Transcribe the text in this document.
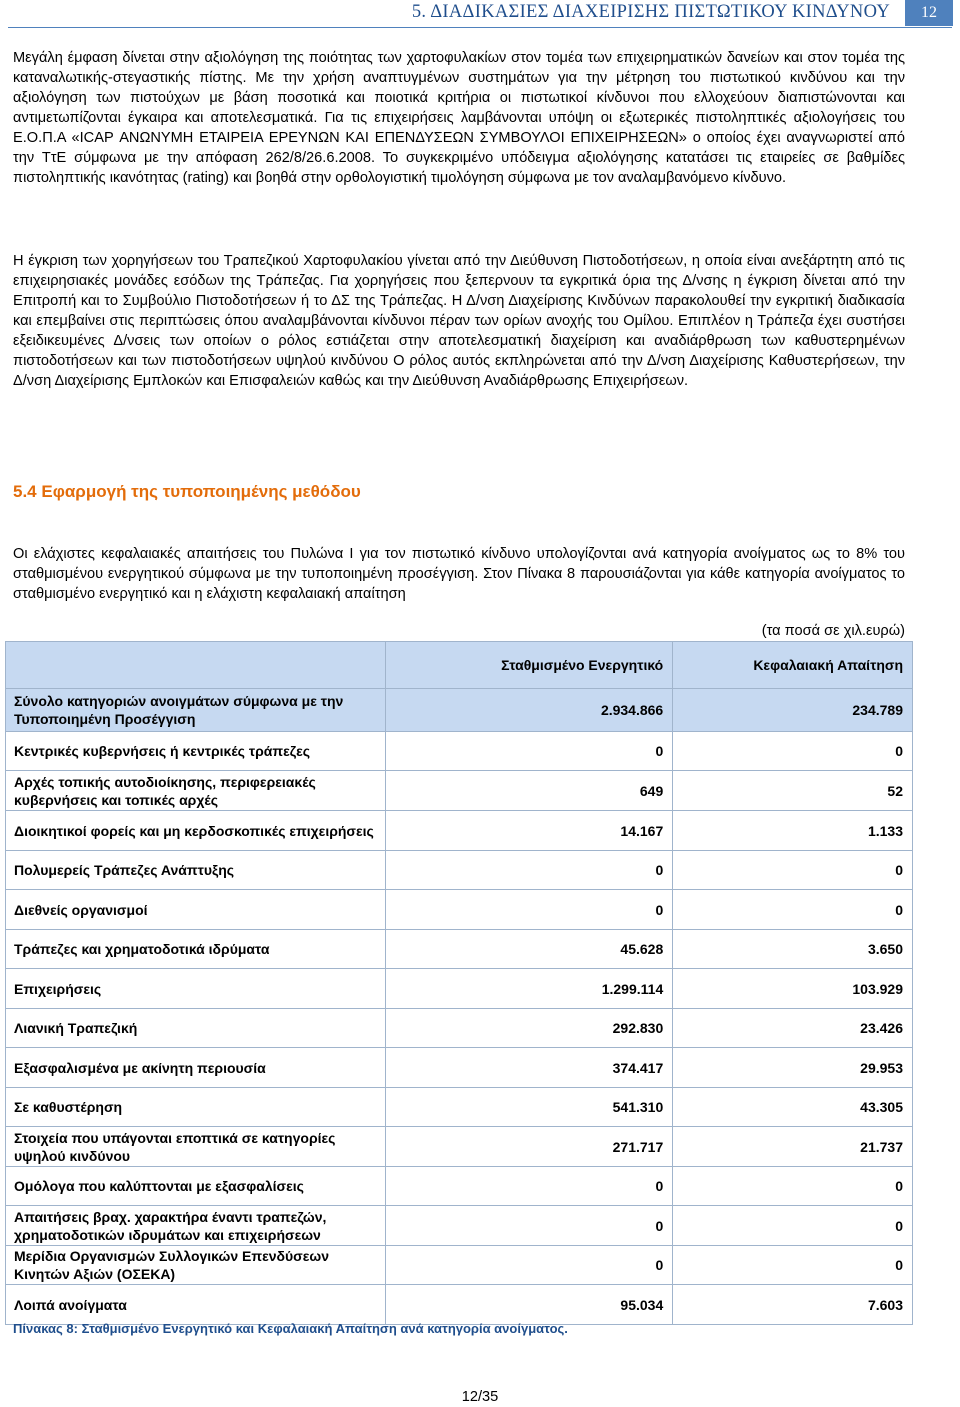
5. ΔΙΑΔΙΚΑΣΙΕΣ ΔΙΑΧΕΙΡΙΣΗΣ ΠΙΣΤΩΤΙΚΟΥ ΚΙΝΔΥΝΟΥ	12
Μεγάλη έμφαση δίνεται στην αξιολόγηση της ποιότητας των χαρτοφυλακίων στον τομέα των επιχειρηματικών δανείων και στον τομέα της καταναλωτικής-στεγαστικής πίστης. Με την χρήση αναπτυγμένων συστημάτων για την μέτρηση του πιστωτικού κινδύνου και την αξιολόγηση των πιστούχων με βάση ποσοτικά και ποιοτικά κριτήρια οι πιστωτικοί κίνδυνοι που ελλοχεύουν διαπιστώνονται και αντιμετωπίζονται έγκαιρα και αποτελεσματικά. Για τις επιχειρήσεις λαμβάνονται υπόψη οι εξωτερικές πιστοληπτικές αξιολογήσεις του Ε.Ο.Π.Α «ICAP ΑΝΩΝΥΜΗ ΕΤΑΙΡΕΙΑ ΕΡΕΥΝΩΝ ΚΑΙ ΕΠΕΝΔΥΣΕΩΝ ΣΥΜΒΟΥΛΟΙ ΕΠΙΧΕΙΡΗΣΕΩΝ» ο οποίος έχει αναγνωριστεί από την ΤτΕ σύμφωνα με την απόφαση 262/8/26.6.2008. Το συγκεκριμένο υπόδειγμα αξιολόγησης κατατάσει τις εταιρείες σε βαθμίδες πιστοληπτικής ικανότητας (rating) και βοηθά στην ορθολογιστική τιμολόγηση σύμφωνα με τον αναλαμβανόμενο κίνδυνο.
Η έγκριση των χορηγήσεων του Τραπεζικού Χαρτοφυλακίου γίνεται από την Διεύθυνση Πιστοδοτήσεων, η οποία είναι ανεξάρτητη από τις επιχειρησιακές μονάδες εσόδων της Τράπεζας. Για χορηγήσεις που ξεπερνουν τα εγκριτικά όρια της Δ/νσης η έγκριση δίνεται από την Επιτροπή και το Συμβούλιο Πιστοδοτήσεων ή το ΔΣ της Τράπεζας. Η Δ/νση Διαχείρισης Κινδύνων παρακολουθεί την εγκριτική διαδικασία και επεμβαίνει στις περιπτώσεις όπου αναλαμβάνονται κίνδυνοι πέραν των ορίων ανοχής του Ομίλου. Επιπλέον η Τράπεζα έχει συστήσει εξειδικευμένες Δ/νσεις των οποίων ο ρόλος εστιάζεται στην αποτελεσματική διαχείριση και αναδιάρθρωση των καθυστερημένων πιστοδοτήσεων και των πιστοδοτήσεων υψηλού κινδύνου Ο ρόλος αυτός εκπληρώνεται από την Δ/νση Διαχείρισης Καθυστερήσεων, την Δ/νση Διαχείρισης Εμπλοκών και Επισφαλειών καθώς και την Διεύθυνση Αναδιάρθρωσης Επιχειρήσεων.
5.4 Εφαρμογή της τυποποιημένης μεθόδου
Οι ελάχιστες κεφαλαιακές απαιτήσεις του Πυλώνα Ι για τον πιστωτικό κίνδυνο υπολογίζονται ανά κατηγορία ανοίγματος ως το 8% του σταθμισμένου ενεργητικού σύμφωνα με την τυποποιημένη προσέγγιση. Στον Πίνακα 8 παρουσιάζονται για κάθε κατηγορία ανοίγματος το σταθμισμένο ενεργητικό και η ελάχιστη κεφαλαιακή απαίτηση
(τα ποσά σε χιλ.ευρώ)
	Σταθμισμένο Ενεργητικό	Κεφαλαιακή Απαίτηση
Σύνολο κατηγοριών ανοιγμάτων σύμφωνα με την Τυποποιημένη Προσέγγιση	2.934.866	234.789
Κεντρικές κυβερνήσεις ή κεντρικές τράπεζες	0	0
Αρχές τοπικής αυτοδιοίκησης, περιφερειακές κυβερνήσεις και τοπικές αρχές	649	52
Διοικητικοί φορείς και μη κερδοσκοπικές επιχειρήσεις	14.167	1.133
Πολυμερείς Τράπεζες Ανάπτυξης	0	0
Διεθνείς οργανισμοί	0	0
Τράπεζες και χρηματοδοτικά ιδρύματα	45.628	3.650
Επιχειρήσεις	1.299.114	103.929
Λιανική Τραπεζική	292.830	23.426
Εξασφαλισμένα με ακίνητη περιουσία	374.417	29.953
Σε καθυστέρηση	541.310	43.305
Στοιχεία που υπάγονται εποπτικά σε κατηγορίες υψηλού κινδύνου	271.717	21.737
Ομόλογα που καλύπτονται με εξασφαλίσεις	0	0
Απαιτήσεις βραχ. χαρακτήρα έναντι τραπεζών, χρηματοδοτικών ιδρυμάτων και επιχειρήσεων	0	0
Μερίδια Οργανισμών Συλλογικών Επενδύσεων Κινητών Αξιών (ΟΣΕΚΑ)	0	0
Λοιπά ανοίγματα	95.034	7.603
Πίνακας 8: Σταθμισμένο Ενεργητικό και Κεφαλαιακή Απαίτηση ανά κατηγορία ανοίγματος.
12/35
